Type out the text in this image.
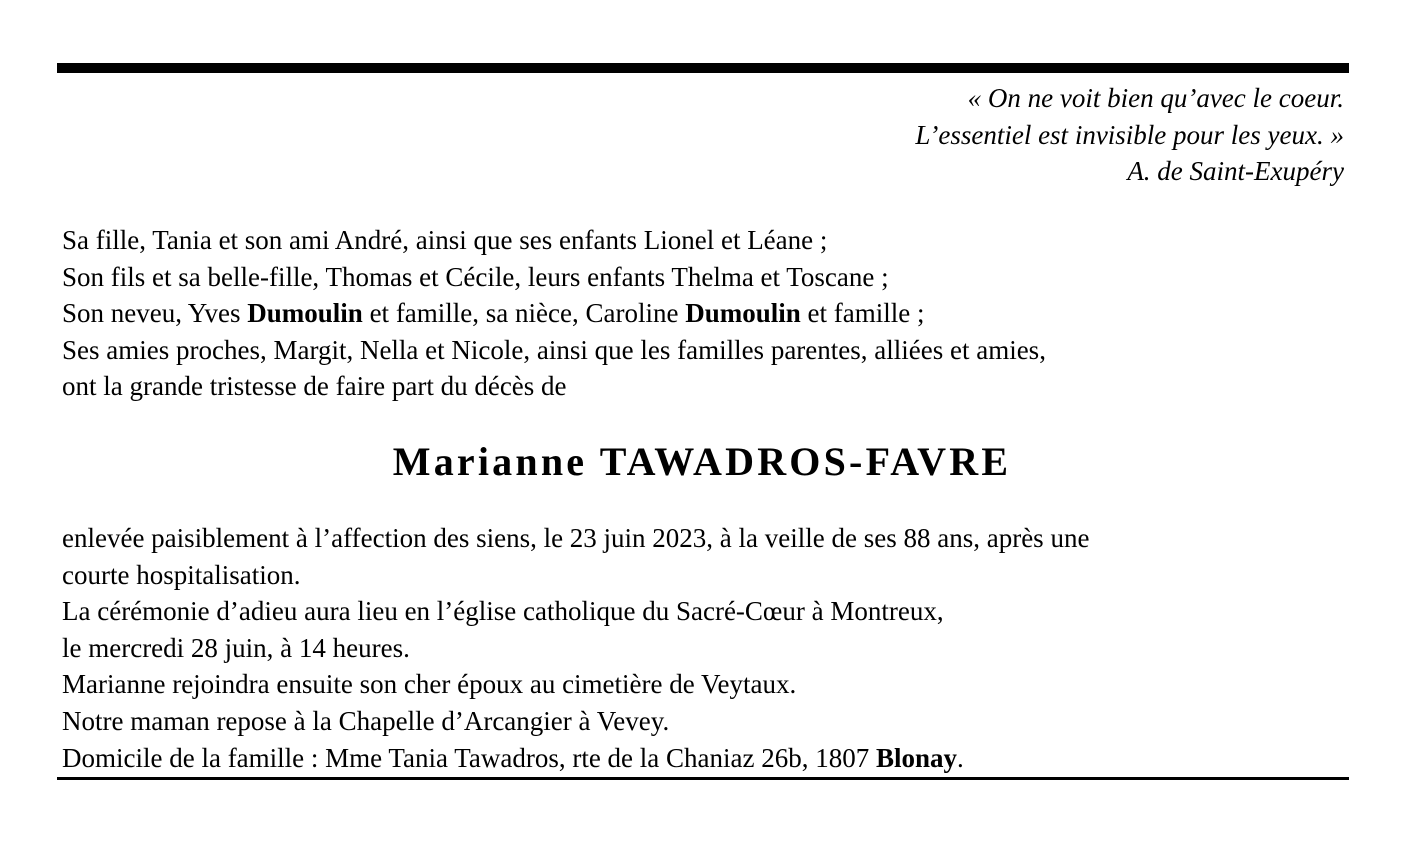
« On ne voit bien qu’avec le coeur.
L’essentiel est invisible pour les yeux. »
A. de Saint-Exupéry
Sa fille, Tania et son ami André, ainsi que ses enfants Lionel et Léane ;
Son fils et sa belle-fille, Thomas et Cécile, leurs enfants Thelma et Toscane ;
Son neveu, Yves Dumoulin et famille, sa nièce, Caroline Dumoulin et famille ;
Ses amies proches, Margit, Nella et Nicole, ainsi que les familles parentes, alliées et amies,
ont la grande tristesse de faire part du décès de
Marianne TAWADROS-FAVRE
enlevée paisiblement à l’affection des siens, le 23 juin 2023, à la veille de ses 88 ans, après une
courte hospitalisation.
La cérémonie d’adieu aura lieu en l’église catholique du Sacré-Cœur à Montreux,
le mercredi 28 juin, à 14 heures.
Marianne rejoindra ensuite son cher époux au cimetière de Veytaux.
Notre maman repose à la Chapelle d’Arcangier à Vevey.
Domicile de la famille : Mme Tania Tawadros, rte de la Chaniaz 26b, 1807 Blonay.
